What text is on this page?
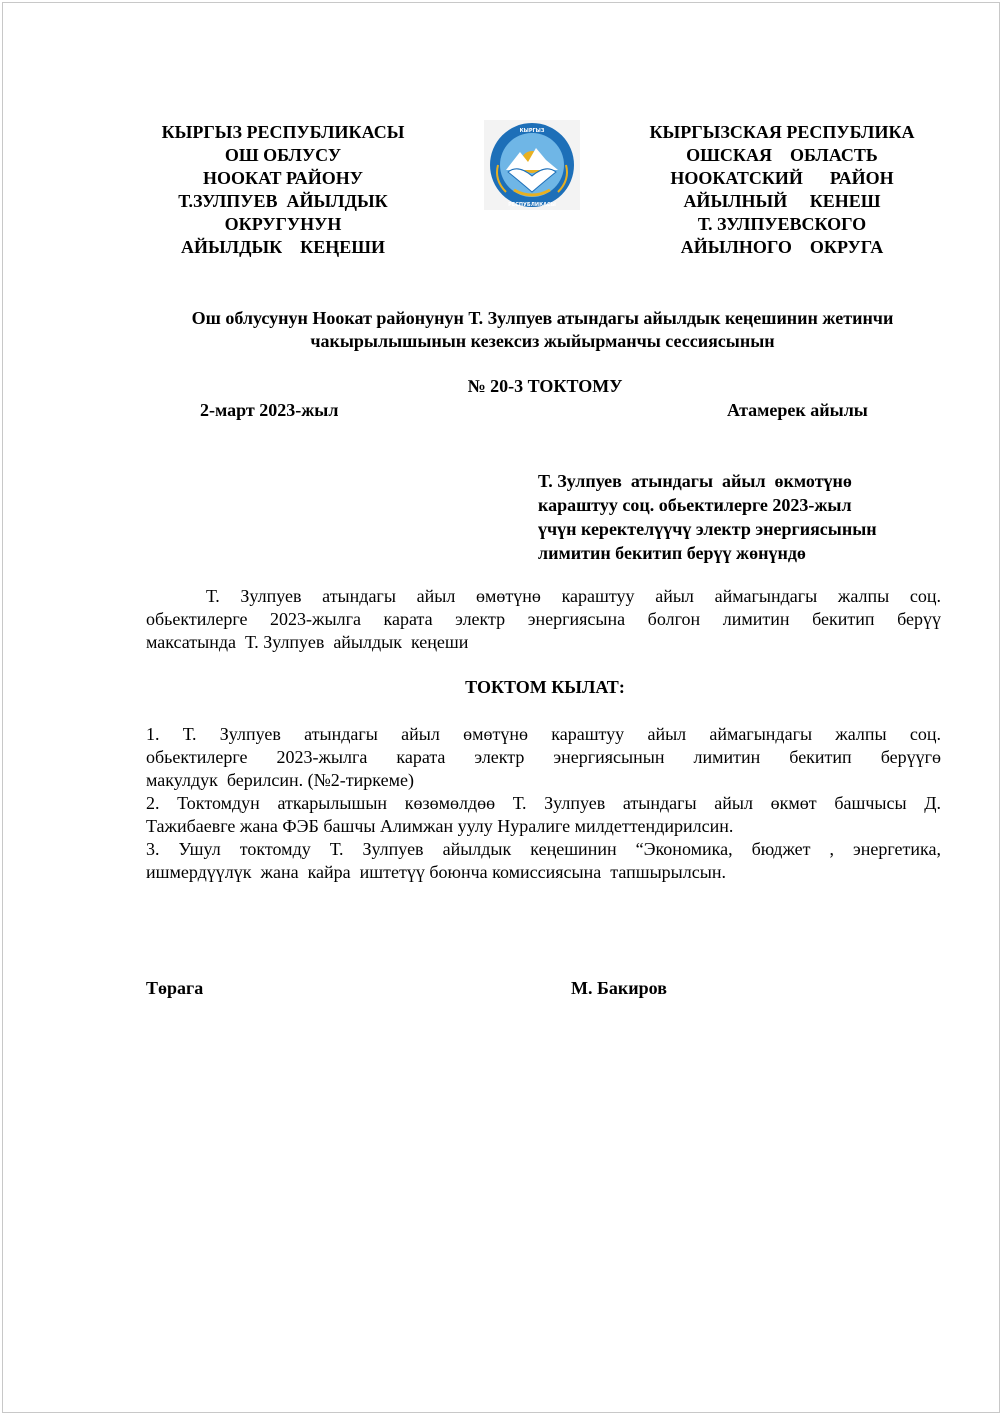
КЫРГЫЗ РЕСПУБЛИКАСЫ
ОШ ОБЛУСУ
НООКАТ РАЙОНУ
Т.ЗУЛПУЕВ  АЙЫЛДЫК
ОКРУГУНУН
АЙЫЛДЫК    КЕҢЕШИ
КЫРГЫЗ
РЕСПУБЛИКАСЫ
КЫРГЫЗСКАЯ РЕСПУБЛИКА
ОШСКАЯ    ОБЛАСТЬ
НООКАТСКИЙ      РАЙОН
АЙЫЛНЫЙ     КЕНЕШ
Т. ЗУЛПУЕВСКОГО
АЙЫЛНОГО    ОКРУГА
Ош облусунун Ноокат районунун Т. Зулпуев атындагы айылдык кеңешинин жетинчи
чакырылышынын кезексиз жыйырманчы сессиясынын
№ 20-3 ТОКТОМУ
2-март 2023-жыл	Атамерек айылы
Т. Зулпуев  атындагы  айыл  өкмотүнө
караштуу соц. обьектилерге 2023-жыл
үчүн керектелүүчү электр энергиясынын
лимитин бекитип берүү жөнүндө
Т. Зулпуев атындагы айыл өмөтүнө караштуу айыл аймагындагы жалпы соц.
обьектилерге 2023-жылга карата электр энергиясына болгон лимитин бекитип берүү
максатында  Т. Зулпуев  айылдык  кеңеши
ТОКТОМ КЫЛАТ:
1. Т. Зулпуев атындагы айыл өмөтүнө караштуу айыл аймагындагы жалпы соц.
обьектилерге 2023-жылга карата электр энергиясынын лимитин бекитип берүүгө
макулдук  берилсин. (№2-тиркеме)
2. Токтомдун аткарылышын көзөмөлдөө Т. Зулпуев атындагы айыл өкмөт башчысы Д.
Тажибаевге жана ФЭБ башчы Алимжан уулу Нуралиге милдеттендирилсин.
3. Ушул токтомду Т. Зулпуев айылдык кеңешинин “Экономика, бюджет , энергетика,
ишмердүүлүк  жана  кайра  иштетүү боюнча комиссиясына  тапшырылсын.
Төрага	М. Бакиров
